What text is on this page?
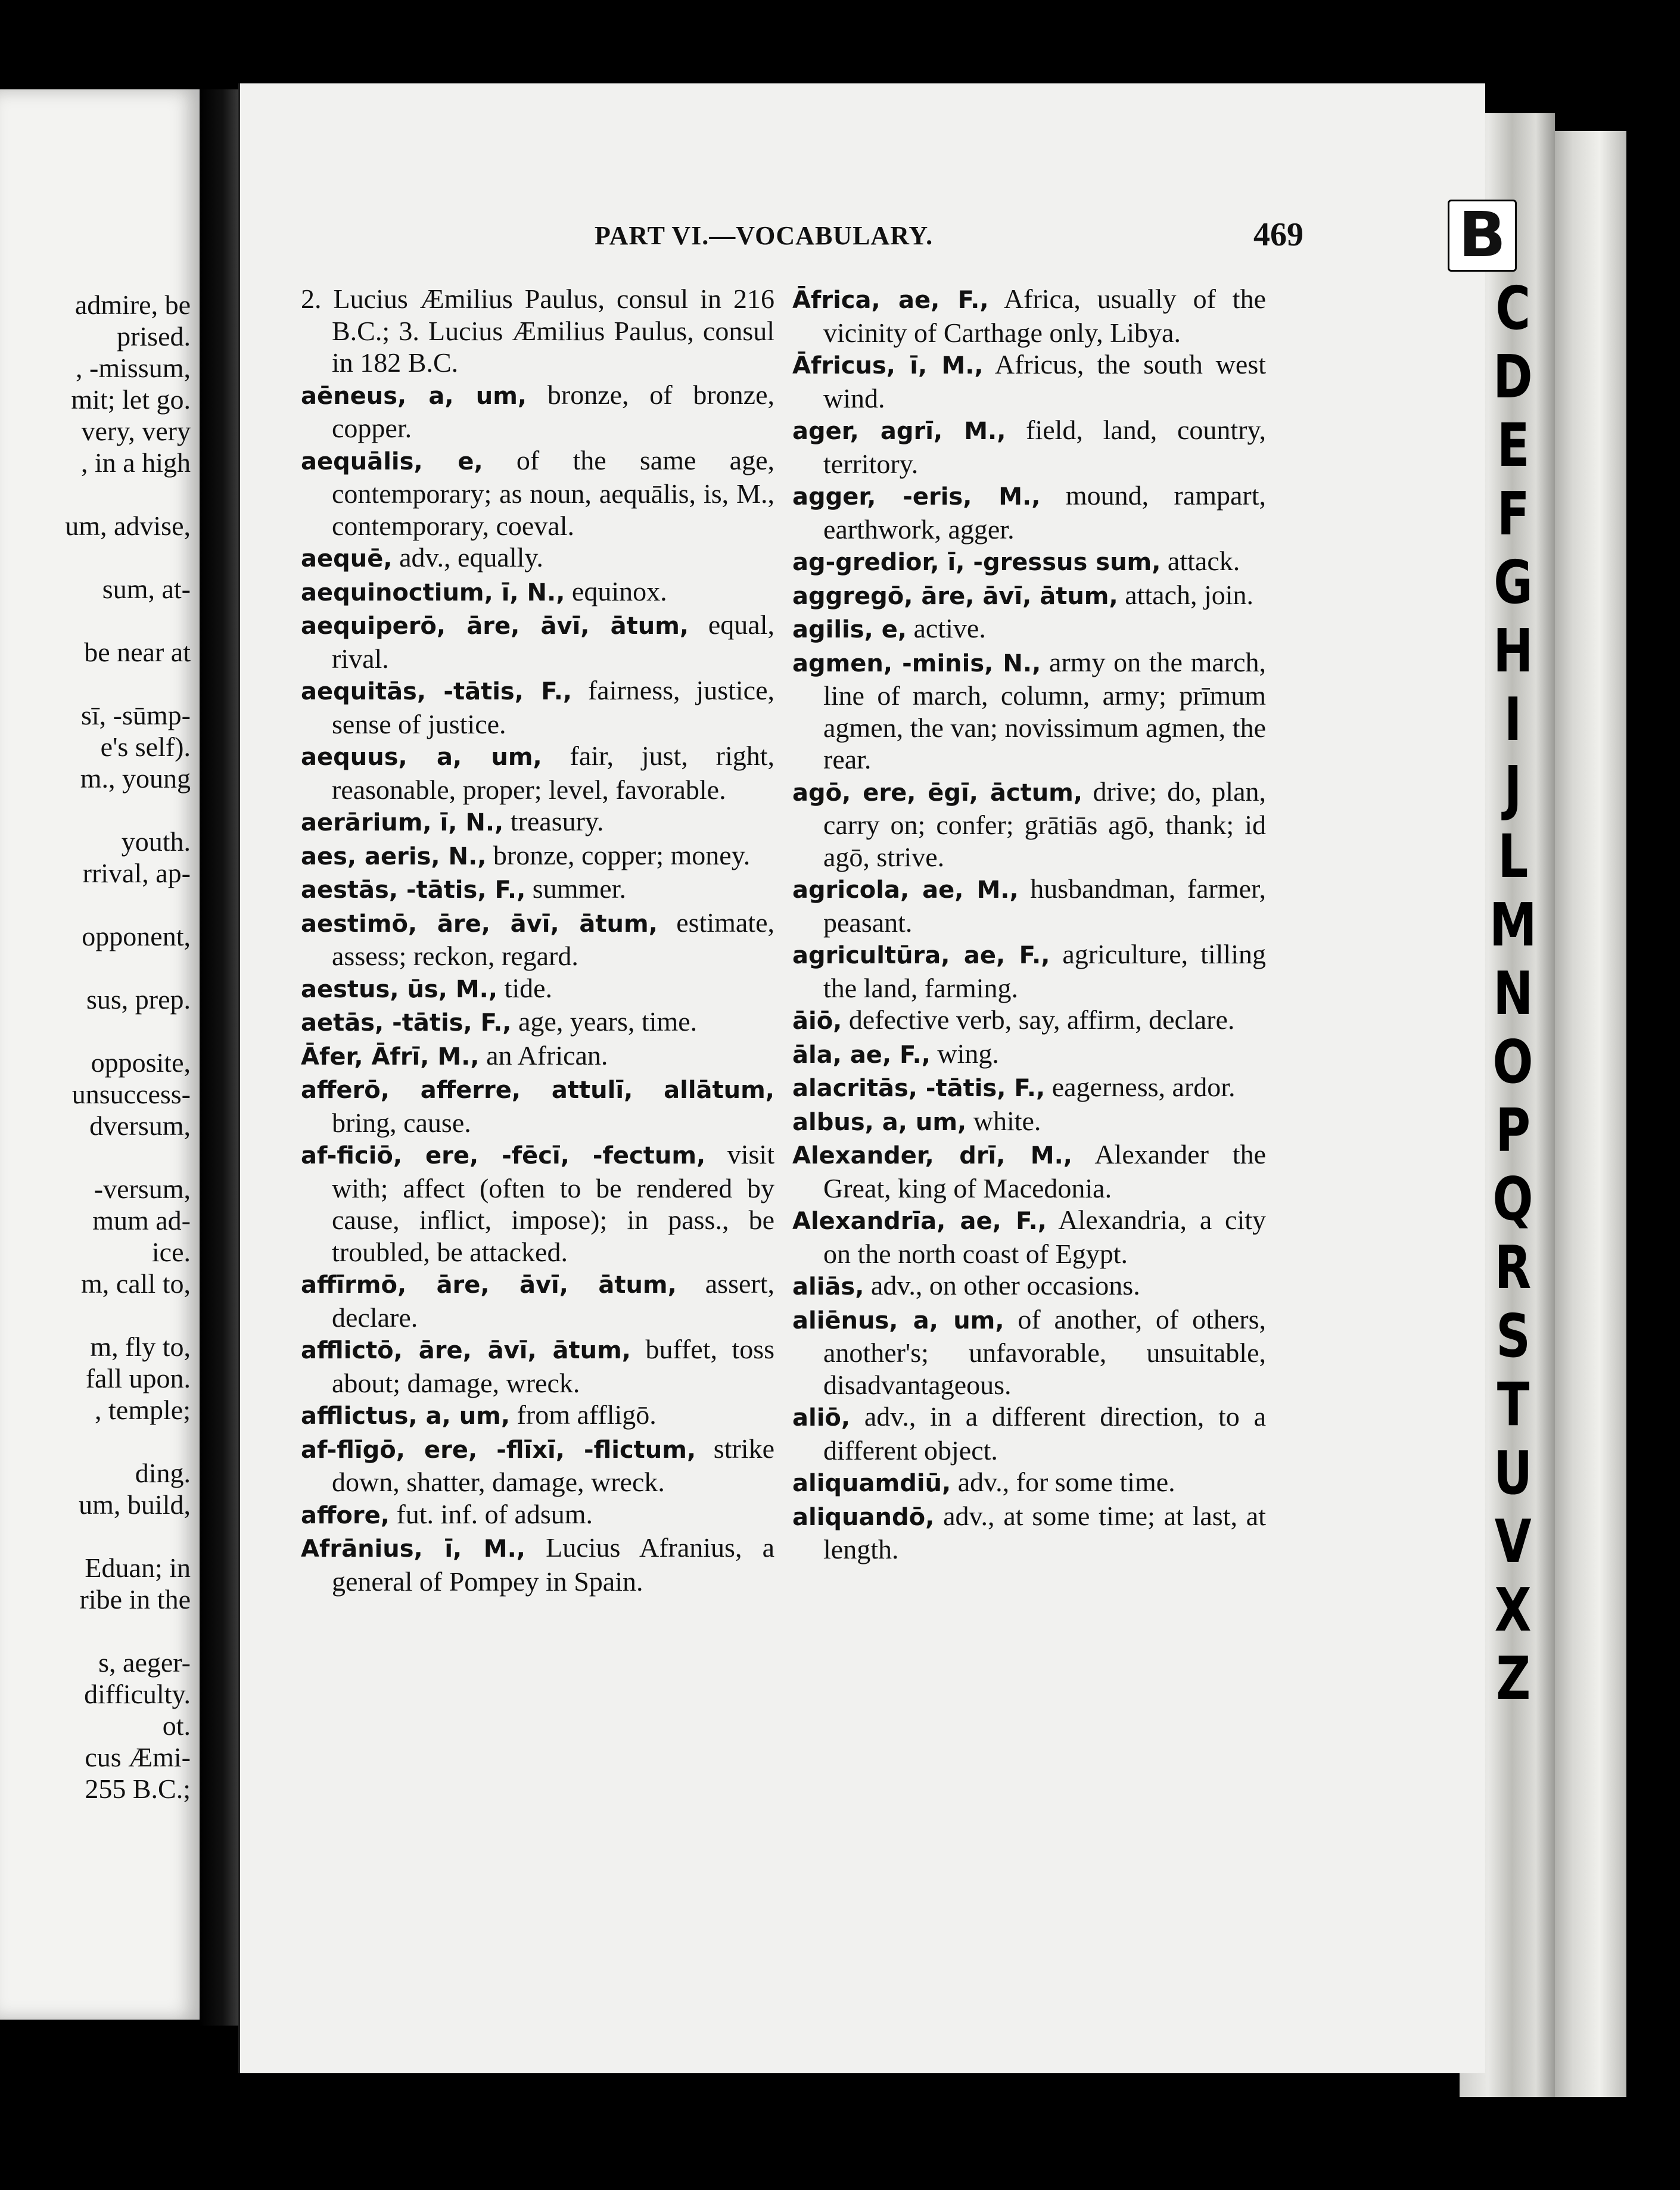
admire, be
prised.
, -missum,
mit; let go.
very, very
, in a high
um, advise,
sum, at-
be near at
sī, -sūmp-
e's self).
m., young
youth.
rrival, ap-
opponent,
sus, prep.
opposite,
unsuccess-
dversum,
-versum,
mum ad-
ice.
m, call to,
m, fly to,
fall upon.
, temple;
ding.
um, build,
Eduan; in
ribe in the
s, aeger-
difficulty.
ot.
cus Æmi-
255 B.C.;
PART VI.—VOCABULARY.	469

2. Lucius Æmilius Paulus, consul in 216 B.C.; 3. Lucius Æmilius Paulus, consul in 182 B.C.

aēneus, a, um, bronze, of bronze, copper.

aequālis, e, of the same age, contemporary; as noun, aequālis, is, M., contemporary, coeval.

aequē, adv., equally.

aequinoctium, ī, N., equinox.

aequiperō, āre, āvī, ātum, equal, rival.

aequitās, -tātis, F., fairness, justice, sense of justice.

aequus, a, um, fair, just, right, reasonable, proper; level, favorable.

aerārium, ī, N., treasury.

aes, aeris, N., bronze, copper; money.

aestās, -tātis, F., summer.

aestimō, āre, āvī, ātum, estimate, assess; reckon, regard.

aestus, ūs, M., tide.

aetās, -tātis, F., age, years, time.

Āfer, Āfrī, M., an African.

afferō, afferre, attulī, allātum, bring, cause.

af-ficiō, ere, -fēcī, -fectum, visit with; affect (often to be rendered by cause, inflict, impose); in pass., be troubled, be attacked.

affīrmō, āre, āvī, ātum, assert, declare.

afflictō, āre, āvī, ātum, buffet, toss about; damage, wreck.

afflictus, a, um, from affligō.

af-flīgō, ere, -flīxī, -flictum, strike down, shatter, damage, wreck.

affore, fut. inf. of adsum.

Afrānius, ī, M., Lucius Afranius, a general of Pompey in Spain.

Āfrica, ae, F., Africa, usually of the vicinity of Carthage only, Libya.

Āfricus, ī, M., Africus, the south west wind.

ager, agrī, M., field, land, country, territory.

agger, -eris, M., mound, rampart, earthwork, agger.

ag-gredior, ī, -gressus sum, attack.

aggregō, āre, āvī, ātum, attach, join.

agilis, e, active.

agmen, -minis, N., army on the march, line of march, column, army; prīmum agmen, the van; novissimum agmen, the rear.

agō, ere, ēgī, āctum, drive; do, plan, carry on; confer; grātiās agō, thank; id agō, strive.

agricola, ae, M., husbandman, farmer, peasant.

agricultūra, ae, F., agriculture, tilling the land, farming.

āiō, defective verb, say, affirm, declare.

āla, ae, F., wing.

alacritās, -tātis, F., eagerness, ardor.

albus, a, um, white.

Alexander, drī, M., Alexander the Great, king of Macedonia.

Alexandrīa, ae, F., Alexandria, a city on the north coast of Egypt.

aliās, adv., on other occasions.

aliēnus, a, um, of another, of others, another's; unfavorable, unsuitable, disadvantageous.

aliō, adv., in a different direction, to a different object.

aliquamdiū, adv., for some time.

aliquandō, adv., at some time; at last, at length.

B
C
D
E
F
G
H
I
J
L
M
N
O
P
Q
R
S
T
U
V
X
Z
